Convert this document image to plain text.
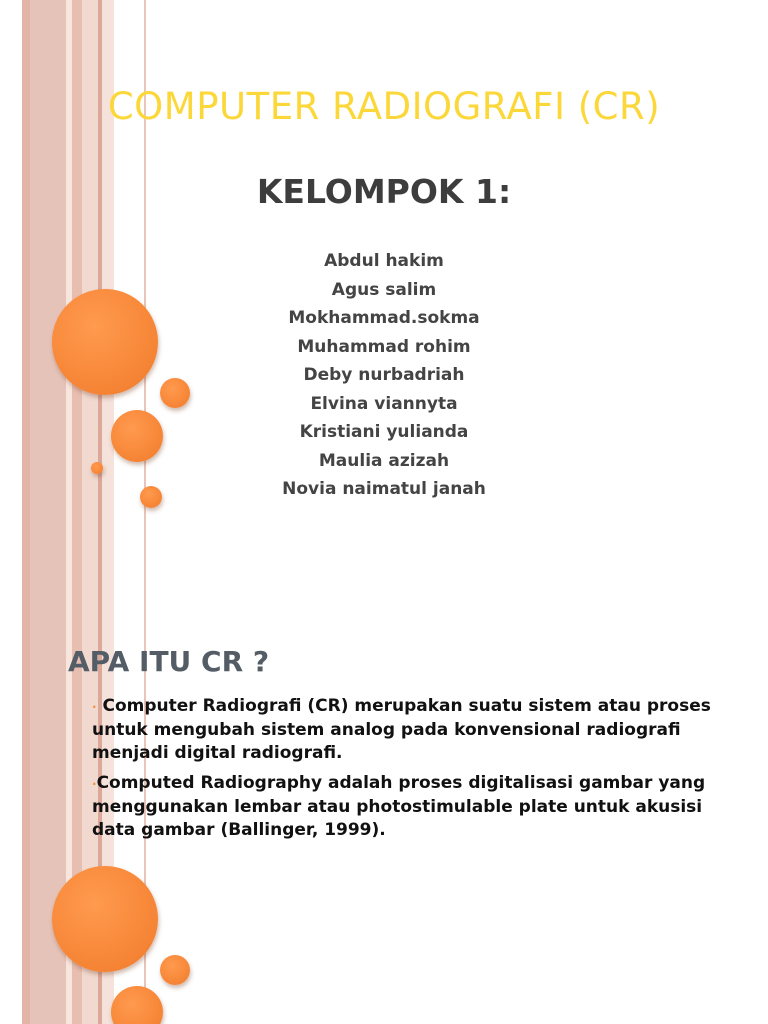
COMPUTER RADIOGRAFI (CR)
KELOMPOK 1:
Abdul hakim
Agus salim
Mokhammad.sokma
Muhammad rohim
Deby nurbadriah
Elvina viannyta
Kristiani yulianda
Maulia azizah
Novia naimatul janah
APA ITU CR ?
· Computer Radiografi (CR) merupakan suatu sistem atau proses untuk mengubah sistem analog pada konvensional radiografi menjadi digital radiografi.
·Computed Radiography adalah proses digitalisasi gambar yang menggunakan lembar atau photostimulable plate untuk akusisi data gambar (Ballinger, 1999).
